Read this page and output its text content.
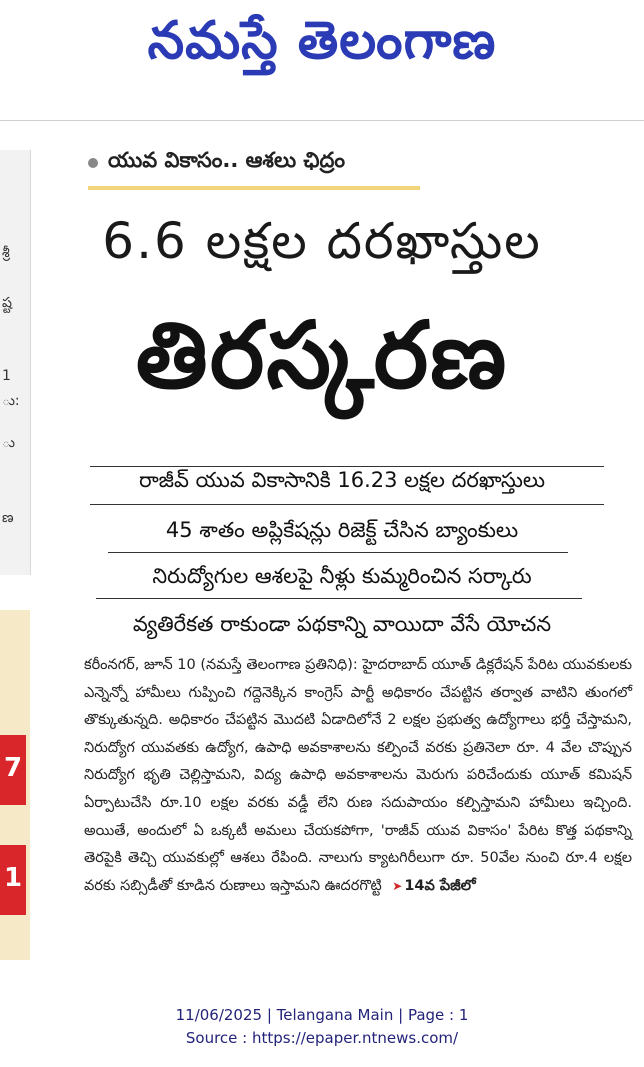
నమస్తే తెలంగాణ
శ్రీ
ష్ట
1
ు:
ు
ణ
7
1
యువ వికాసం.. ఆశలు ఛిద్రం
6.6 లక్షల దరఖాస్తుల
తిరస్కరణ
రాజీవ్ యువ వికాసానికి 16.23 లక్షల దరఖాస్తులు
45 శాతం అప్లికేషన్లు రిజెక్ట్ చేసిన బ్యాంకులు
నిరుద్యోగుల ఆశలపై నీళ్లు కుమ్మరించిన సర్కారు
వ్యతిరేకత రాకుండా పథకాన్ని వాయిదా వేసే యోచన
కరీంనగర్, జూన్ 10 (నమస్తే తెలంగాణ ప్రతినిధి): హైదరాబాద్ యూత్ డిక్లరేషన్ పేరిట యువకులకు ఎన్నెన్నో హామీలు గుప్పించి గద్దెనెక్కిన కాంగ్రెస్ పార్టీ అధికారం చేపట్టిన తర్వాత వాటిని తుంగలో తొక్కుతున్నది. అధికారం చేపట్టిన మొదటి ఏడాదిలోనే 2 లక్షల ప్రభుత్వ ఉద్యోగాలు భర్తీ చేస్తామని, నిరుద్యోగ యువతకు ఉద్యోగ, ఉపాధి అవకాశాలను కల్పించే వరకు ప్రతినెలా రూ. 4 వేల చొప్పున నిరుద్యోగ భృతి చెల్లిస్తామని, విద్య ఉపాధి అవకాశాలను మెరుగు పరిచేందుకు యూత్ కమిషన్ ఏర్పాటుచేసి రూ.10 లక్షల వరకు వడ్డీ లేని రుణ సదుపాయం కల్పిస్తామని హామీలు ఇచ్చింది. అయితే, అందులో ఏ ఒక్కటీ అమలు చేయకపోగా, 'రాజీవ్ యువ వికాసం' పేరిట కొత్త పథకాన్ని తెరపైకి తెచ్చి యువకుల్లో ఆశలు రేపింది. నాలుగు క్యాటగిరీలుగా రూ. 50వేల నుంచి రూ.4 లక్షల వరకు సబ్సిడీతో కూడిన రుణాలు ఇస్తామని ఊదరగొట్టి ➤ 14వ పేజీలో
11/06/2025 | Telangana Main | Page : 1
Source : https://epaper.ntnews.com/
